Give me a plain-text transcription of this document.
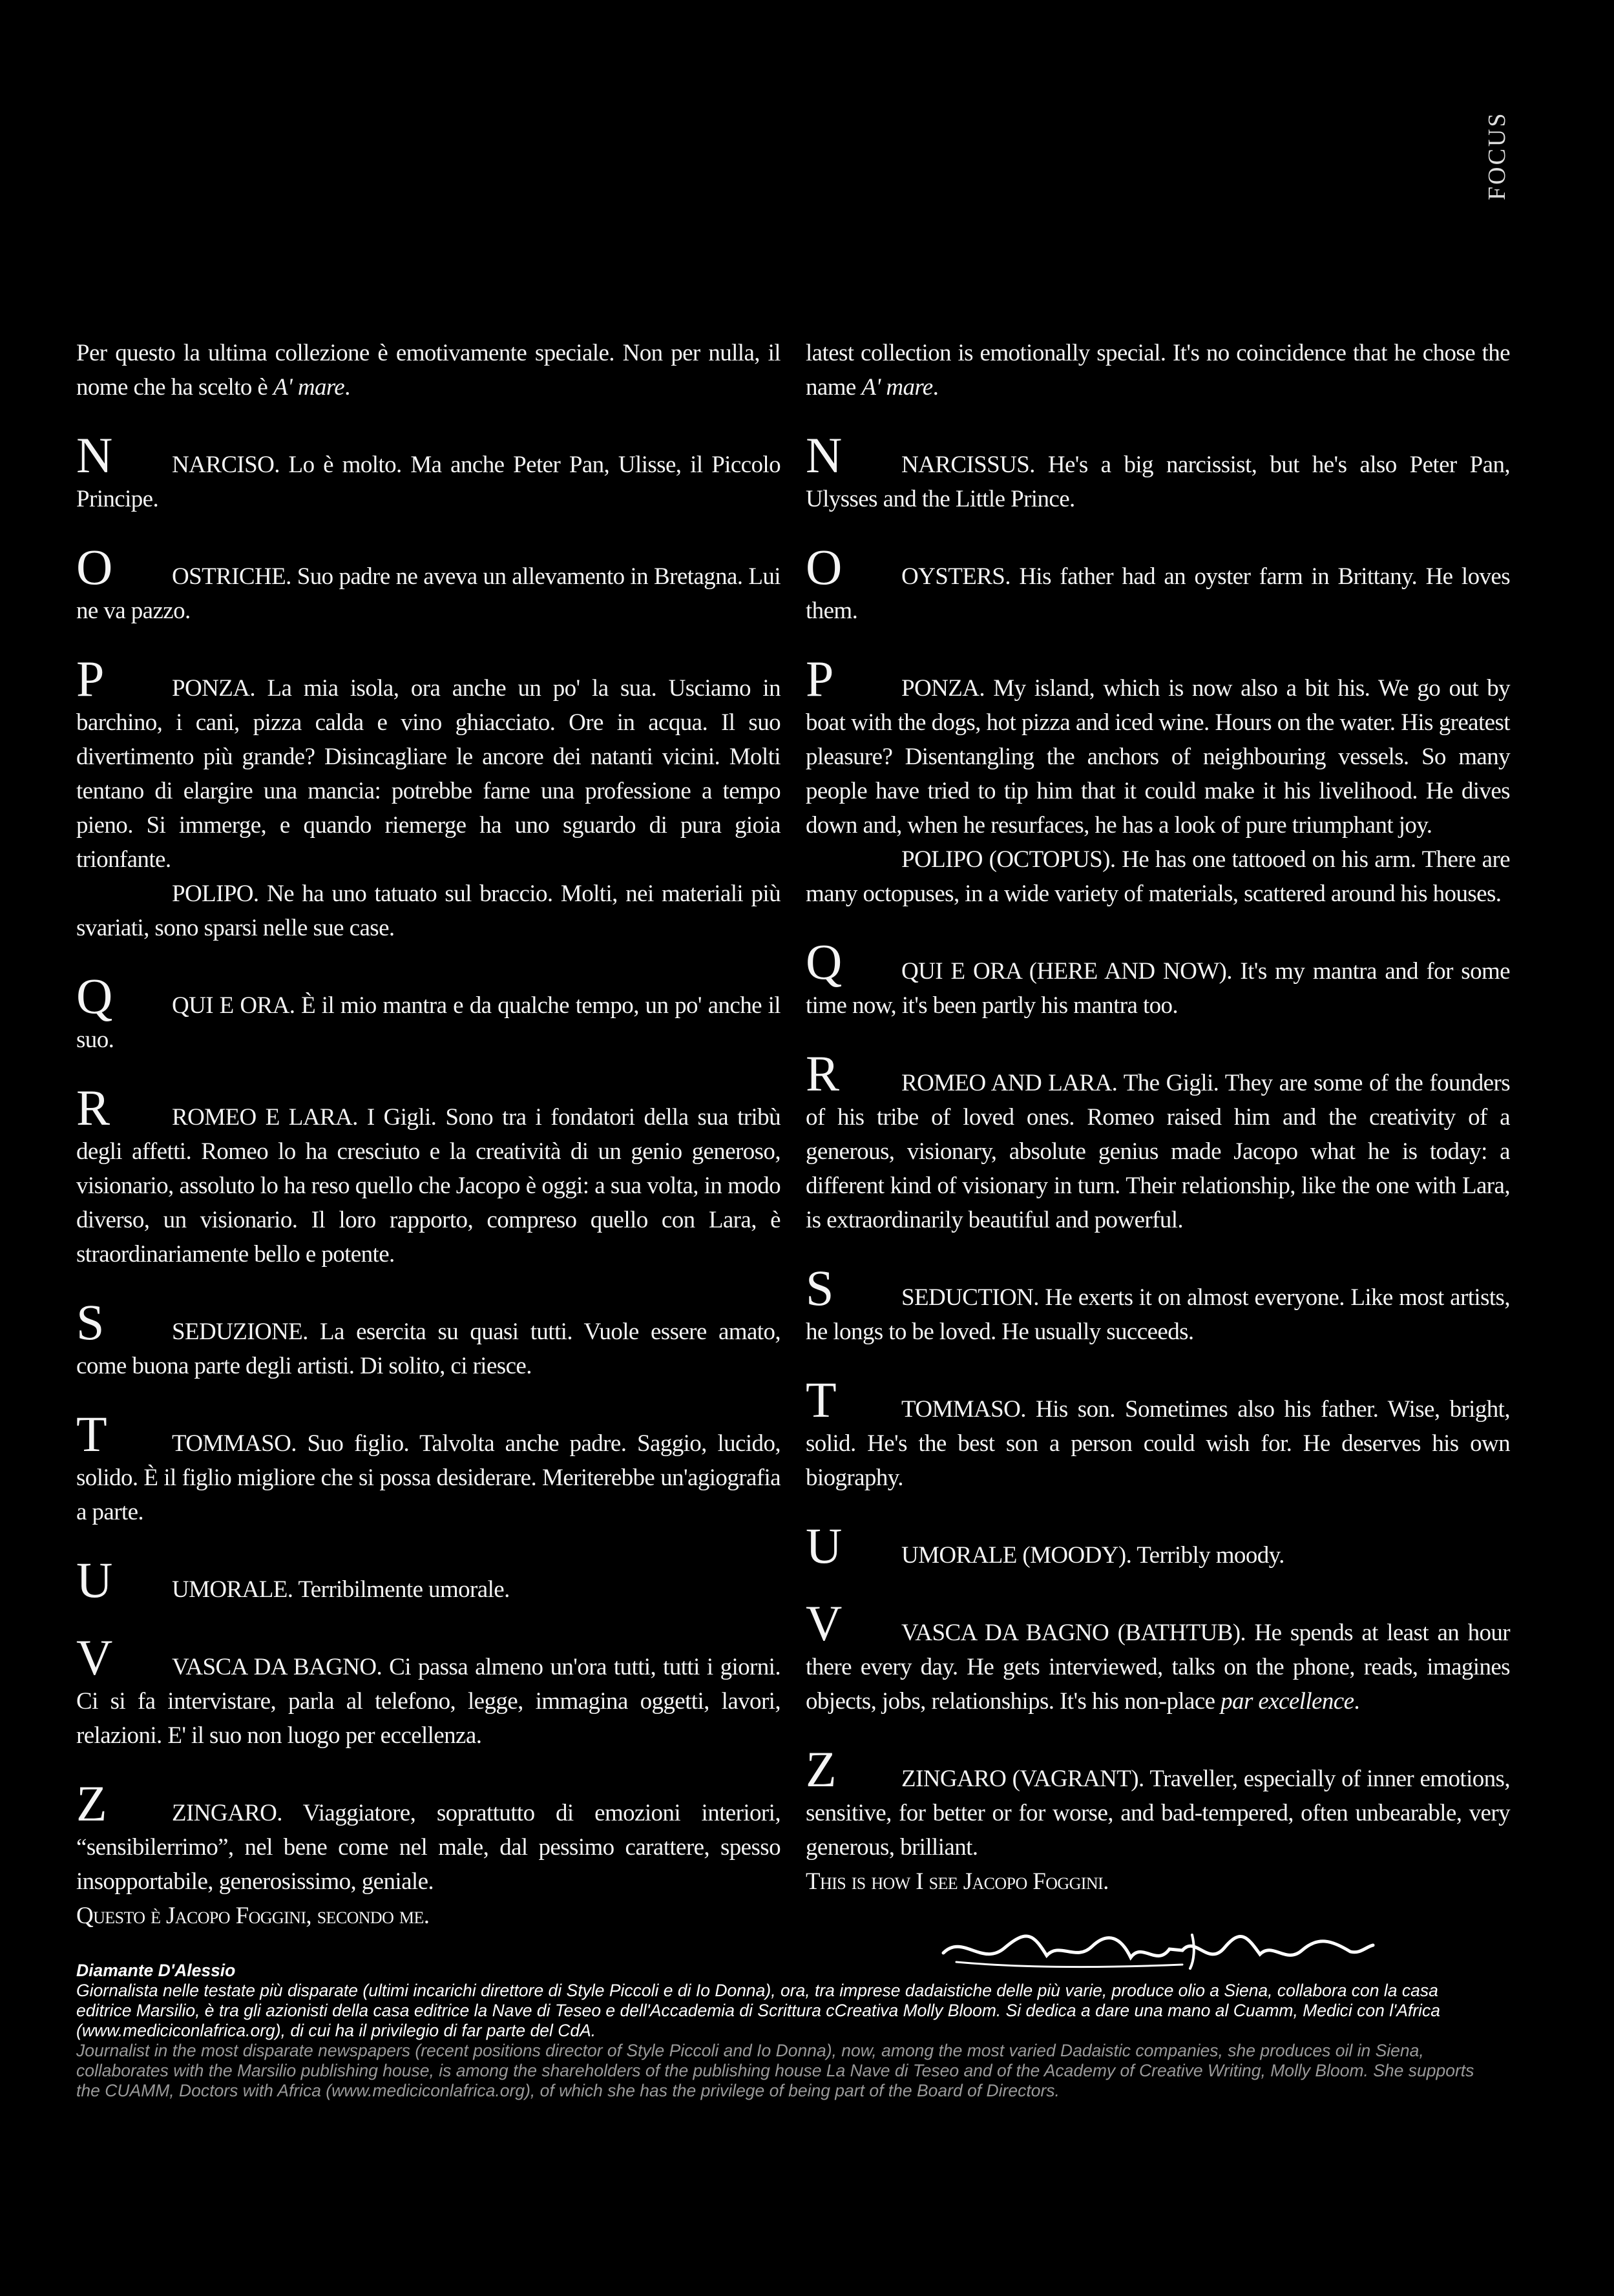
FOCUS

Per questo la ultima collezione è emotivamente speciale. Non per nulla, il nome che ha scelto è A' mare.

N NARCISO. Lo è molto. Ma anche Peter Pan, Ulisse, il Piccolo Principe.

O OSTRICHE. Suo padre ne aveva un allevamento in Bretagna. Lui ne va pazzo.

P	PONZA. La mia isola, ora anche un po' la sua. Usciamo in barchino, i cani, pizza calda e vino ghiacciato. Ore in acqua. Il suo divertimento più grande? Disincagliare le ancore dei natanti vicini. Molti tentano di elargire una mancia: potrebbe farne una professione a tempo pieno. Si immerge, e quando riemerge ha uno sguardo di pura gioia trionfante.

POLIPO. Ne ha uno tatuato sul braccio. Molti, nei materiali più svariati, sono sparsi nelle sue case.

Q QUI E ORA. È il mio mantra e da qualche tempo, un po' anche il suo.

R	ROMEO E LARA. I Gigli. Sono tra i fondatori della sua tribù degli affetti. Romeo lo ha cresciuto e la creatività di un genio generoso, visionario, assoluto lo ha reso quello che Jacopo è oggi: a sua volta, in modo diverso, un visionario. Il loro rapporto, compreso quello con Lara, è straordinariamente bello e potente.

S	SEDUZIONE. La esercita su quasi tutti. Vuole essere amato, come buona parte degli artisti. Di solito, ci riesce.

T	TOMMASO. Suo figlio. Talvolta anche padre. Saggio, lucido, solido. È il figlio migliore che si possa desiderare. Meriterebbe un'agiografia a parte.

U UMORALE. Terribilmente umorale.

V VASCA DA BAGNO. Ci passa almeno un'ora tutti, tutti i giorni. Ci si fa intervistare, parla al telefono, legge, immagina oggetti, lavori, relazioni. E' il suo non luogo per eccellenza.

Z	ZINGARO. Viaggiatore, soprattutto di emozioni interiori, “sensibilerrimo”, nel bene come nel male, dal pessimo carattere, spesso insopportabile, generosissimo, geniale.

Questo è Jacopo Foggini, secondo me.

latest collection is emotionally special. It's no coincidence that he chose the name A' mare.

N NARCISSUS. He's a big narcissist, but he's also Peter Pan, Ulysses and the Little Prince.

O OYSTERS. His father had an oyster farm in Brittany. He loves them.

P	PONZA. My island, which is now also a bit his. We go out by boat with the dogs, hot pizza and iced wine. Hours on the water. His greatest pleasure? Disentangling the anchors of neighbouring vessels. So many people have tried to tip him that it could make it his livelihood. He dives down and, when he resurfaces, he has a look of pure triumphant joy.

POLIPO (OCTOPUS). He has one tattooed on his arm. There are many octopuses, in a wide variety of materials, scattered around his houses.

Q QUI E ORA (HERE AND NOW). It's my mantra and for some time now, it's been partly his mantra too.

R	ROMEO AND LARA. The Gigli. They are some of the founders of his tribe of loved ones. Romeo raised him and the creativity of a generous, visionary, absolute genius made Jacopo what he is today: a different kind of visionary in turn. Their relationship, like the one with Lara, is extraordinarily beautiful and powerful.

S	SEDUCTION. He exerts it on almost everyone. Like most artists, he longs to be loved. He usually succeeds.

T	TOMMASO. His son. Sometimes also his father. Wise, bright, solid. He's the best son a person could wish for. He deserves his own biography.

U UMORALE (MOODY). Terribly moody.

V VASCA DA BAGNO (BATHTUB). He spends at least an hour there every day. He gets interviewed, talks on the phone, reads, imagines objects, jobs, relationships. It's his non-place par excellence.

Z	ZINGARO (VAGRANT). Traveller, especially of inner emotions, sensitive, for better or for worse, and bad-tempered, often unbearable, very generous, brilliant.

This is how I see Jacopo Foggini.

Diamante D'Alessio
Giornalista nelle testate più disparate (ultimi incarichi direttore di Style Piccoli e di Io Donna), ora, tra imprese dadaistiche delle più varie, produce olio a Siena, collabora con la casa editrice Marsilio, è tra gli azionisti della casa editrice la Nave di Teseo e dell'Accademia di Scrittura cCreativa Molly Bloom. Si dedica a dare una mano al Cuamm, Medici con l'Africa (www.mediciconlafrica.org), di cui ha il privilegio di far parte del CdA.
Journalist in the most disparate newspapers (recent positions director of Style Piccoli and Io Donna), now, among the most varied Dadaistic companies, she produces oil in Siena, collaborates with the Marsilio publishing house, is among the shareholders of the publishing house La Nave di Teseo and of the Academy of Creative Writing, Molly Bloom. She supports the CUAMM, Doctors with Africa (www.mediciconlafrica.org), of which she has the privilege of being part of the Board of Directors.
